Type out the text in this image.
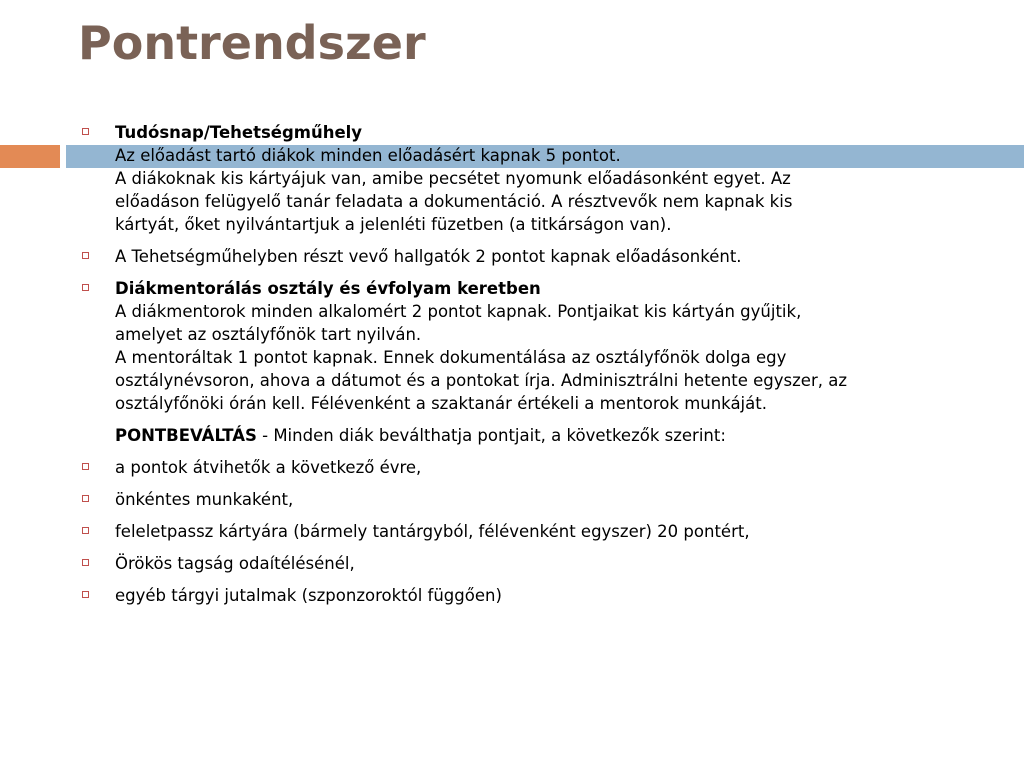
Pontrendszer
Tudósnap/Tehetségműhely
Az előadást tartó diákok minden előadásért kapnak 5 pontot.
A diákoknak kis kártyájuk van, amibe pecsétet nyomunk előadásonként egyet. Az
előadáson felügyelő tanár feladata a dokumentáció. A résztvevők nem kapnak kis
kártyát, őket nyilvántartjuk a jelenléti füzetben (a titkárságon van).
A Tehetségműhelyben részt vevő hallgatók 2 pontot kapnak előadásonként.
Diákmentorálás osztály és évfolyam keretben
A diákmentorok minden alkalomért 2 pontot kapnak. Pontjaikat kis kártyán gyűjtik,
amelyet az osztályfőnök tart nyilván.
A mentoráltak 1 pontot kapnak. Ennek dokumentálása az osztályfőnök dolga egy
osztálynévsoron, ahova a dátumot és a pontokat írja. Adminisztrálni hetente egyszer, az
osztályfőnöki órán kell. Félévenként a szaktanár értékeli a mentorok munkáját.
PONTBEVÁLTÁS - Minden diák beválthatja pontjait, a következők szerint:
a pontok átvihetők a következő évre,
önkéntes munkaként,
feleletpassz kártyára (bármely tantárgyból, félévenként egyszer) 20 pontért,
Örökös tagság odaítélésénél,
egyéb tárgyi jutalmak (szponzoroktól függően)
